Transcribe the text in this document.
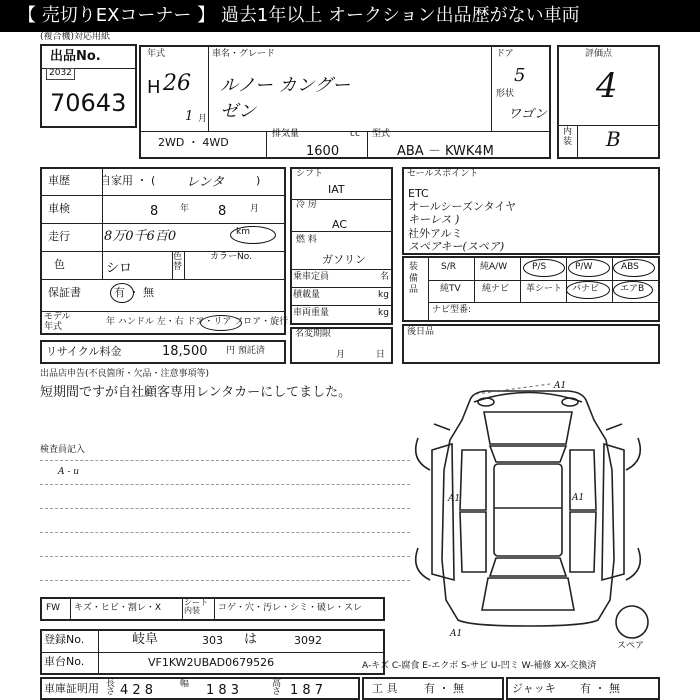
【 売切りEXコーナー 】 過去1年以上 オークション出品歴がない車両
(複合機)対応用紙
出品No.
2032
70643
年式
H 26
1 月
車名・グレード
ルノー カングー
ゼン
ドア
5
形状
ワゴン
2WD ・ 4WD
排気量	cc
1600
型式
ABA － KWK4M
評価点
4
内 装 B
車歴	自家用 ・ ( レンタ	)
車検	8 年 8	月
走行	8万0千6百0	km
色	シロ
色替
カラーNo.
保証書	有 ・ 無
モデル年式	年 ハンドル 左・右 ドア・リア フロア・旋行
リサイクル料金	18,500 円 預託済
シフト
IAT
冷 房
AC
燃 料
ガソリン
乗車定員	名
積載量	kg
車両重量	kg
名変期限
月 日
セールスポイント
ETC
オールシーズンタイヤ
キーレス )
社外アルミ
スペアキー(スペア)
装備品
S/R	純A/W	P/S	P/W	ABS
純TV 純ナビ 革シート パナビ エアB
ナビ型番:
後日品
出品店申告(不良箇所・欠品・注意事項等)
短期間ですが自社顧客専用レンタカーにしてました。
検査員記入
A - u
A1
A1	A1
A1
スペア
FW キズ・ヒビ・割レ・X
シート内装	コゲ・穴・汚レ・シミ・破レ・スレ
登録No.	岐阜	303 は	3092
車台No.	VF1KW2UBAD0679526	A-キズ C-腐食 E-エクボ S-サビ U-凹ミ W-補修 XX-交換済
車庫証明用 長さ 4 2 8	幅 1 8 3	高さ 1 8 7	工 具 有 ・ 無	ジャッキ 有 ・ 無
